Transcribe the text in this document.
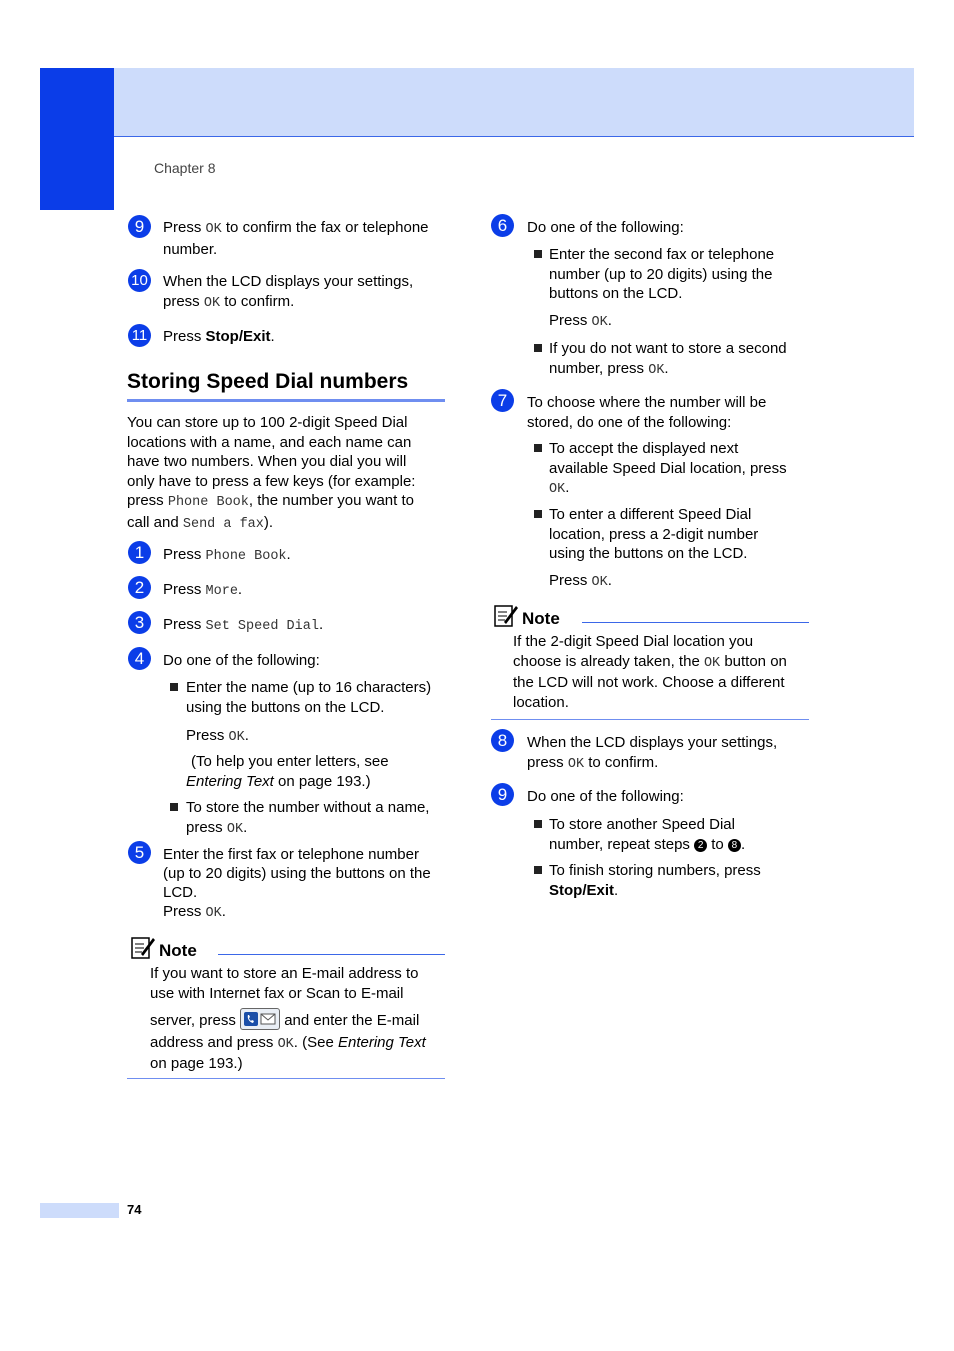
Chapter 8
9	Press OK to confirm the fax or telephone
number.
10 When the LCD displays your settings,
press OK to confirm.
11 Press Stop/Exit.
Storing Speed Dial numbers
You can store up to 100 2-digit Speed Dial
locations with a name, and each name can
have two numbers. When you dial you will
only have to press a few keys (for example:
press Phone Book, the number you want to
call and Send a fax).
1	Press Phone Book.
2	Press More.
3	Press Set Speed Dial.
4	Do one of the following:
Enter the name (up to 16 characters)
using the buttons on the LCD.
Press OK.
(To help you enter letters, see
Entering Text on page 193.)
To store the number without a name,
press OK.
5	Enter the first fax or telephone number
(up to 20 digits) using the buttons on the
LCD.
Press OK.
Note
If you want to store an E-mail address to
use with Internet fax or Scan to E-mail
server, press	and enter the E-mail
address and press OK. (See Entering Text
on page 193.)
6	Do one of the following:
Enter the second fax or telephone
number (up to 20 digits) using the
buttons on the LCD.
Press OK.
If you do not want to store a second
number, press OK.
7	To choose where the number will be
stored, do one of the following:
To accept the displayed next
available Speed Dial location, press
OK.
To enter a different Speed Dial
location, press a 2-digit number
using the buttons on the LCD.
Press OK.
Note
If the 2-digit Speed Dial location you
choose is already taken, the OK button on
the LCD will not work. Choose a different
location.
8	When the LCD displays your settings,
press OK to confirm.
9	Do one of the following:
To store another Speed Dial
number, repeat steps 2 to 8 .
To finish storing numbers, press
Stop/Exit.
74
